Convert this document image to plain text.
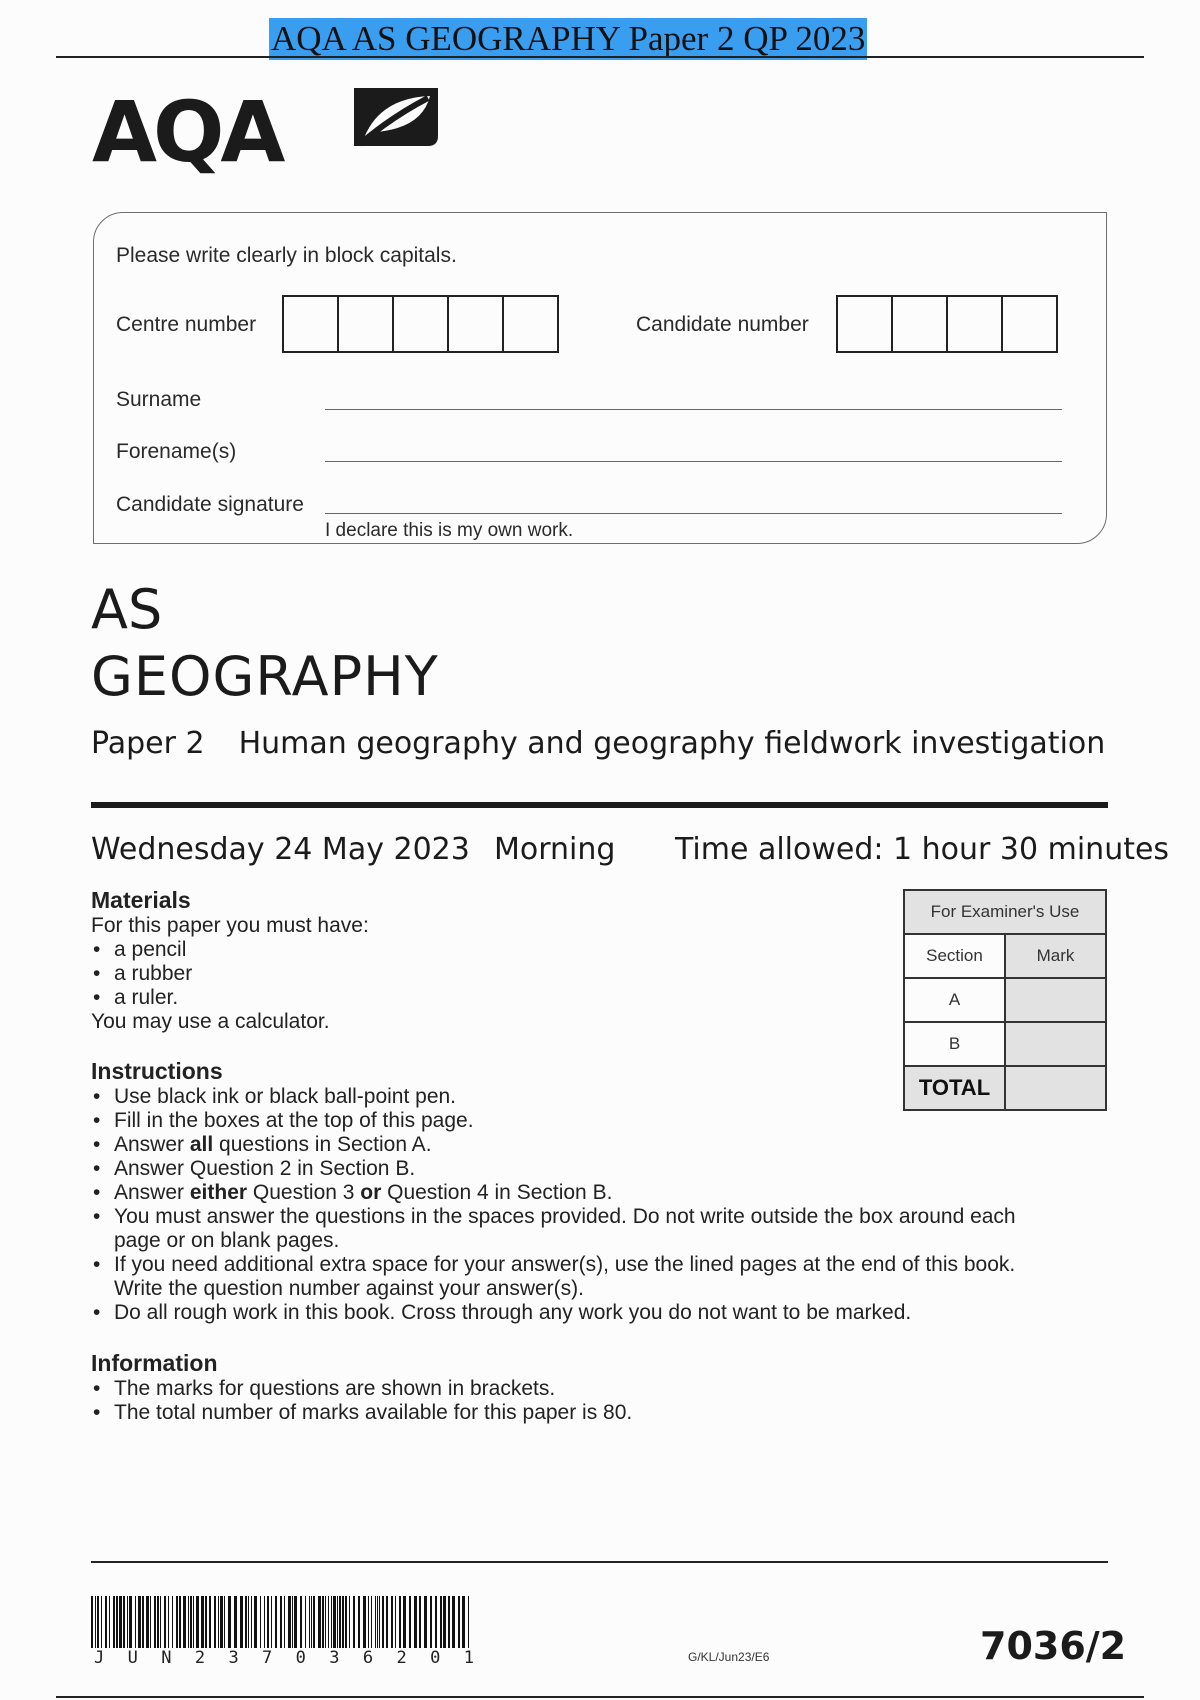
AQA AS GEOGRAPHY Paper 2 QP 2023
AQA
Please write clearly in block capitals.
Centre number	Candidate number
Surname
Forename(s)
Candidate signature
I declare this is my own work.
AS
GEOGRAPHY
Paper 2 Human geography and geography fieldwork investigation
Wednesday 24 May 2023 Morning Time allowed: 1 hour 30 minutes
Materials
For this paper you must have:
• a pencil
• a rubber
• a ruler.
You may use a calculator.
Instructions
• Use black ink or black ball-point pen.
• Fill in the boxes at the top of this page.
• Answer all questions in Section A.
• Answer Question 2 in Section B.
• Answer either Question 3 or Question 4 in Section B.
• You must answer the questions in the spaces provided. Do not write outside the box around each
page or on blank pages.
• If you need additional extra space for your answer(s), use the lined pages at the end of this book.
Write the question number against your answer(s).
• Do all rough work in this book. Cross through any work you do not want to be marked.
Information
• The marks for questions are shown in brackets.
• The total number of marks available for this paper is 80.
For Examiner's Use	
Section	Mark
A	
B	
TOTAL	
J U N 2 3 7 0 3 6 2 0 1	G/KL/Jun23/E6	7036/2
